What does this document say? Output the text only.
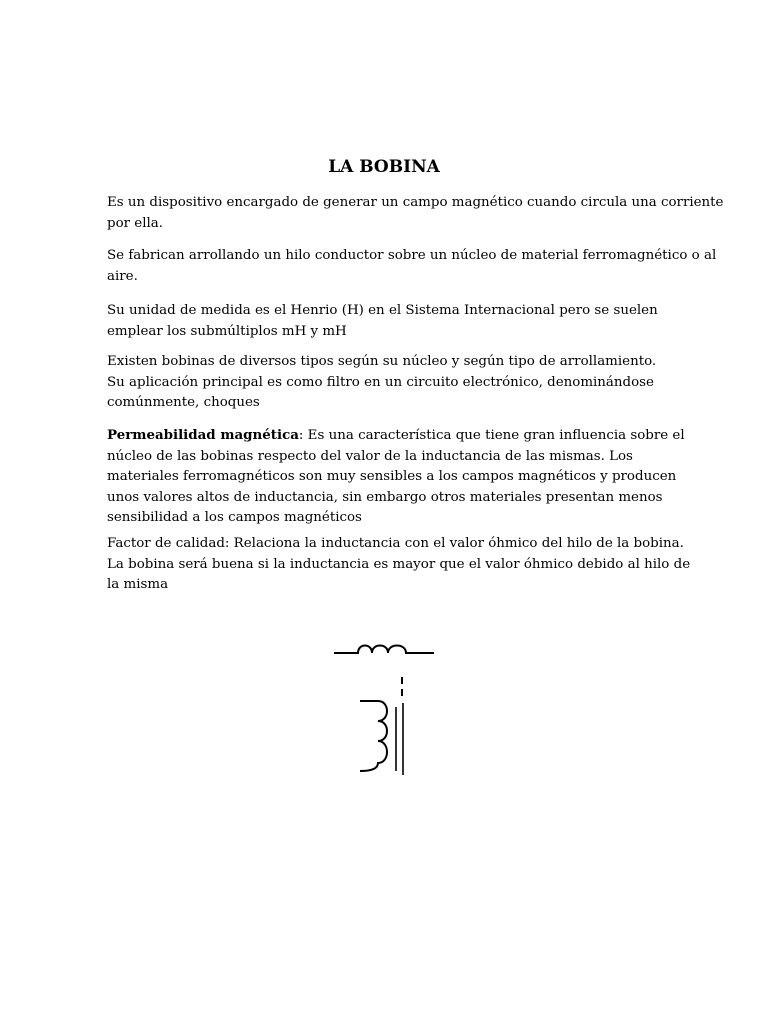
LA BOBINA
Es un dispositivo encargado de generar un campo magnético cuando circula una corriente
por ella.
Se fabrican arrollando un hilo conductor sobre un núcleo de material ferromagnético o al
aire.
Su unidad de medida es el Henrio (H) en el Sistema Internacional pero se suelen
emplear los submúltiplos mH y mH
Existen bobinas de diversos tipos según su núcleo y según tipo de arrollamiento.
Su aplicación principal es como filtro en un circuito electrónico, denominándose
comúnmente, choques
Permeabilidad magnética: Es una característica que tiene gran influencia sobre el
núcleo de las bobinas respecto del valor de la inductancia de las mismas. Los
materiales ferromagnéticos son muy sensibles a los campos magnéticos y producen
unos valores altos de inductancia, sin embargo otros materiales presentan menos
sensibilidad a los campos magnéticos
Factor de calidad: Relaciona la inductancia con el valor óhmico del hilo de la bobina.
La bobina será buena si la inductancia es mayor que el valor óhmico debido al hilo de
la misma
